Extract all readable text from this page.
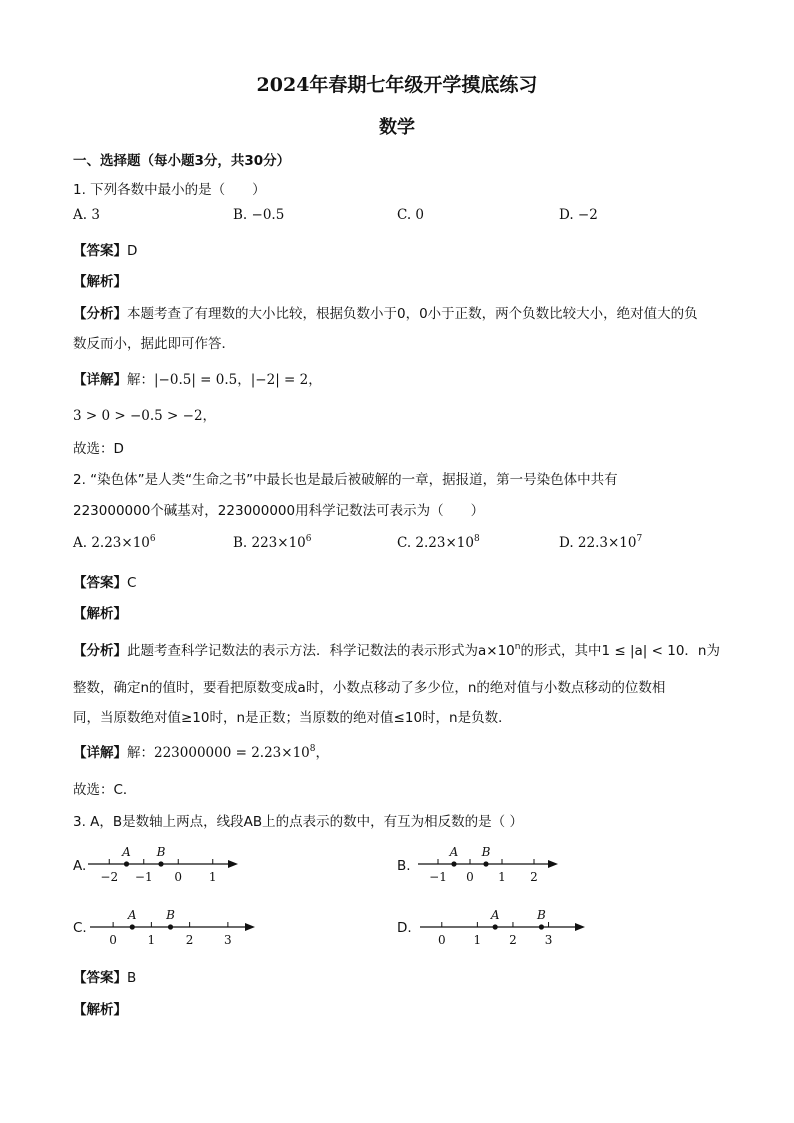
2024年春期七年级开学摸底练习
数学
一、选择题（每小题3分，共30分）
1. 下列各数中最小的是（　　）
A. 3	B. −0.5	C. 0	D. −2
【答案】D
【解析】
【分析】本题考查了有理数的大小比较，根据负数小于0，0小于正数，两个负数比较大小，绝对值大的负
数反而小，据此即可作答．
【详解】解：|−0.5| = 0.5，|−2| = 2，
3 > 0 > −0.5 > −2，
故选：D
2. “染色体”是人类“生命之书”中最长也是最后被破解的一章，据报道，第一号染色体中共有
223000000个碱基对，223000000用科学记数法可表示为（　　）
A. $2.23\times 10^6$	B. $223\times 10^6$	C. $2.23\times 10^8$	D. $22.3\times 10^7$
【答案】C
【解析】
【分析】此题考查科学记数法的表示方法．科学记数法的表示形式为$a\times 10^n$的形式，其中1 ≤ |a| < 10．n为
整数，确定n的值时，要看把原数变成a时，小数点移动了多少位，n的绝对值与小数点移动的位数相
同，当原数绝对值≥10时，n是正数；当原数的绝对值≤10时，n是负数．
【详解】解：$223000000 = 2.23\times 10^8$，
故选：C．
3. A，B是数轴上两点，线段AB上的点表示的数中，有互为相反数的是（ ）
A.
−2 −1 0 1
A B
B.
−1 0 1 2
A B
C.
0	1	2	3
A B
D.
0 1 2 3
A	B
【答案】B
【解析】
